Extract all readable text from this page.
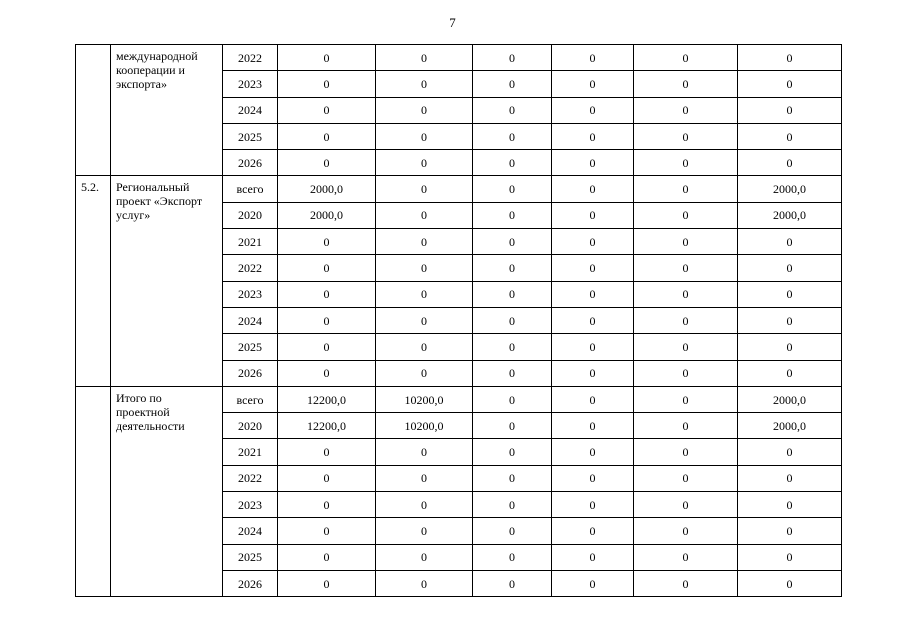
7
	международной кооперации и экспорта»	2022	0	0	0	0	0	0
		2023	0	0	0	0	0	0
		2024	0	0	0	0	0	0
		2025	0	0	0	0	0	0
		2026	0	0	0	0	0	0
5.2.	Региональный проект «Экспорт услуг»	всего	2000,0	0	0	0	0	2000,0
		2020	2000,0	0	0	0	0	2000,0
		2021	0	0	0	0	0	0
		2022	0	0	0	0	0	0
		2023	0	0	0	0	0	0
		2024	0	0	0	0	0	0
		2025	0	0	0	0	0	0
		2026	0	0	0	0	0	0
	Итого по проектной деятельности	всего	12200,0	10200,0	0	0	0	2000,0
		2020	12200,0	10200,0	0	0	0	2000,0
		2021	0	0	0	0	0	0
		2022	0	0	0	0	0	0
		2023	0	0	0	0	0	0
		2024	0	0	0	0	0	0
		2025	0	0	0	0	0	0
		2026	0	0	0	0	0	0
